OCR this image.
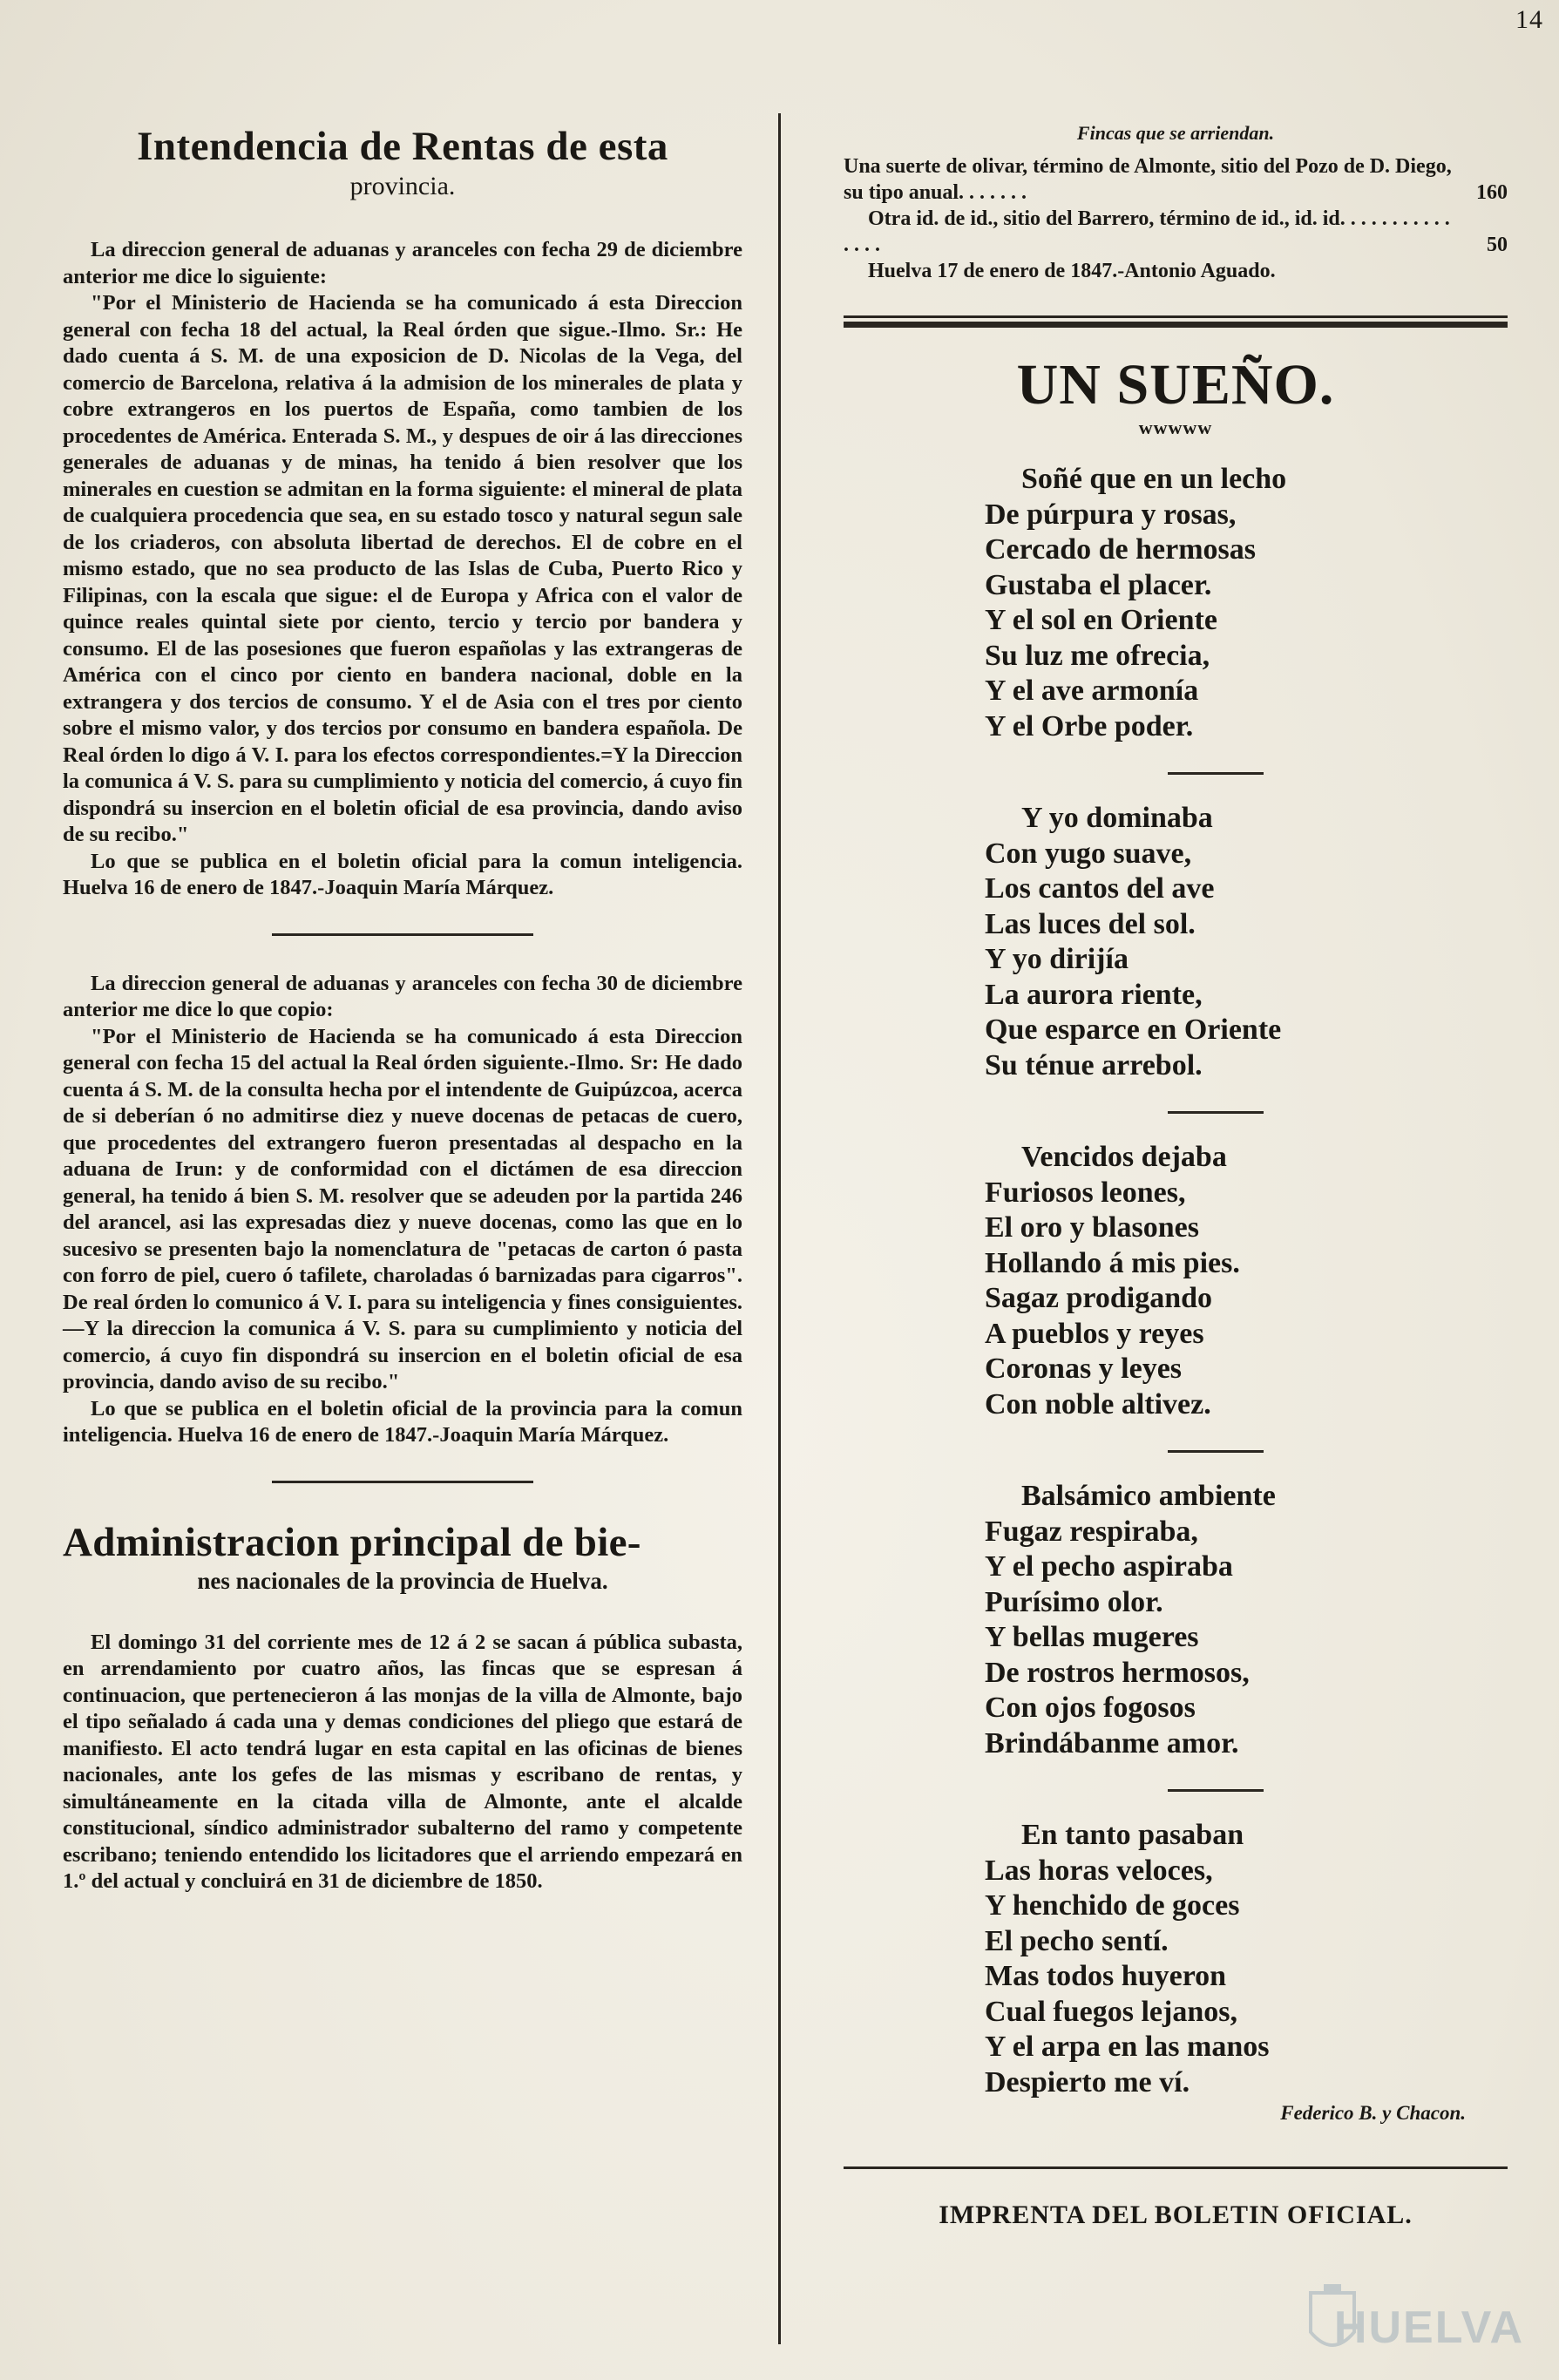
14
Intendencia de Rentas de esta
provincia.

La direccion general de aduanas y aranceles con fecha 29 de diciembre anterior me dice lo siguiente:

"Por el Ministerio de Hacienda se ha comunicado á esta Direccion general con fecha 18 del actual, la Real órden que sigue.-Ilmo. Sr.: He dado cuenta á S. M. de una exposicion de D. Nicolas de la Vega, del comercio de Barcelona, relativa á la admision de los minerales de plata y cobre extrangeros en los puertos de España, como tambien de los procedentes de América. Enterada S. M., y despues de oir á las direcciones generales de aduanas y de minas, ha tenido á bien resolver que los minerales en cuestion se admitan en la forma siguiente: el mineral de plata de cualquiera procedencia que sea, en su estado tosco y natural segun sale de los criaderos, con absoluta libertad de derechos. El de cobre en el mismo estado, que no sea producto de las Islas de Cuba, Puerto Rico y Filipinas, con la escala que sigue: el de Europa y Africa con el valor de quince reales quintal siete por ciento, tercio y tercio por bandera y consumo. El de las posesiones que fueron españolas y las extrangeras de América con el cinco por ciento en bandera nacional, doble en la extrangera y dos tercios de consumo. Y el de Asia con el tres por ciento sobre el mismo valor, y dos tercios por consumo en bandera española. De Real órden lo digo á V. I. para los efectos correspondientes.=Y la Direccion la comunica á V. S. para su cumplimiento y noticia del comercio, á cuyo fin dispondrá su insercion en el boletin oficial de esa provincia, dando aviso de su recibo."

Lo que se publica en el boletin oficial para la comun inteligencia. Huelva 16 de enero de 1847.-Joaquin María Márquez.

La direccion general de aduanas y aranceles con fecha 30 de diciembre anterior me dice lo que copio:

"Por el Ministerio de Hacienda se ha comunicado á esta Direccion general con fecha 15 del actual la Real órden siguiente.-Ilmo. Sr: He dado cuenta á S. M. de la consulta hecha por el intendente de Guipúzcoa, acerca de si deberían ó no admitirse diez y nueve docenas de petacas de cuero, que procedentes del extrangero fueron presentadas al despacho en la aduana de Irun: y de conformidad con el dictámen de esa direccion general, ha tenido á bien S. M. resolver que se adeuden por la partida 246 del arancel, asi las expresadas diez y nueve docenas, como las que en lo sucesivo se presenten bajo la nomenclatura de "petacas de carton ó pasta con forro de piel, cuero ó tafilete, charoladas ó barnizadas para cigarros". De real órden lo comunico á V. I. para su inteligencia y fines consiguientes.—Y la direccion la comunica á V. S. para su cumplimiento y noticia del comercio, á cuyo fin dispondrá su insercion en el boletin oficial de esa provincia, dando aviso de su recibo."

Lo que se publica en el boletin oficial de la provincia para la comun inteligencia. Huelva 16 de enero de 1847.-Joaquin María Márquez.

Administracion principal de bie-
nes nacionales de la provincia de Huelva.

El domingo 31 del corriente mes de 12 á 2 se sacan á pública subasta, en arrendamiento por cuatro años, las fincas que se espresan á continuacion, que pertenecieron á las monjas de la villa de Almonte, bajo el tipo señalado á cada una y demas condiciones del pliego que estará de manifiesto. El acto tendrá lugar en esta capital en las oficinas de bienes nacionales, ante los gefes de las mismas y escribano de rentas, y simultáneamente en la citada villa de Almonte, ante el alcalde constitucional, síndico administrador subalterno del ramo y competente escribano; teniendo entendido los licitadores que el arriendo empezará en 1.º del actual y concluirá en 31 de diciembre de 1850.

Fincas que se arriendan.
Una suerte de olivar, término de Almonte, sitio del Pozo de D. Diego, su tipo anual. . . . . . .	160
Otra id. de id., sitio del Barrero, término de id., id. id. . . . . . . . . . . . . . .	50
Huelva 17 de enero de 1847.-Antonio Aguado.
UN SUEÑO.
wwwww
Soñé que en un lecho
De púrpura y rosas,
Cercado de hermosas
Gustaba el placer.
Y el sol en Oriente
Su luz me ofrecia,
Y el ave armonía
Y el Orbe poder.
Y yo dominaba
Con yugo suave,
Los cantos del ave
Las luces del sol.
Y yo dirijía
La aurora riente,
Que esparce en Oriente
Su ténue arrebol.
Vencidos dejaba
Furiosos leones,
El oro y blasones
Hollando á mis pies.
Sagaz prodigando
A pueblos y reyes
Coronas y leyes
Con noble altivez.
Balsámico ambiente
Fugaz respiraba,
Y el pecho aspiraba
Purísimo olor.
Y bellas mugeres
De rostros hermosos,
Con ojos fogosos
Brindábanme amor.
En tanto pasaban
Las horas veloces,
Y henchido de goces
El pecho sentí.
Mas todos huyeron
Cual fuegos lejanos,
Y el arpa en las manos
Despierto me ví.
Federico B. y Chacon.
IMPRENTA DEL BOLETIN OFICIAL.
HUELVA
